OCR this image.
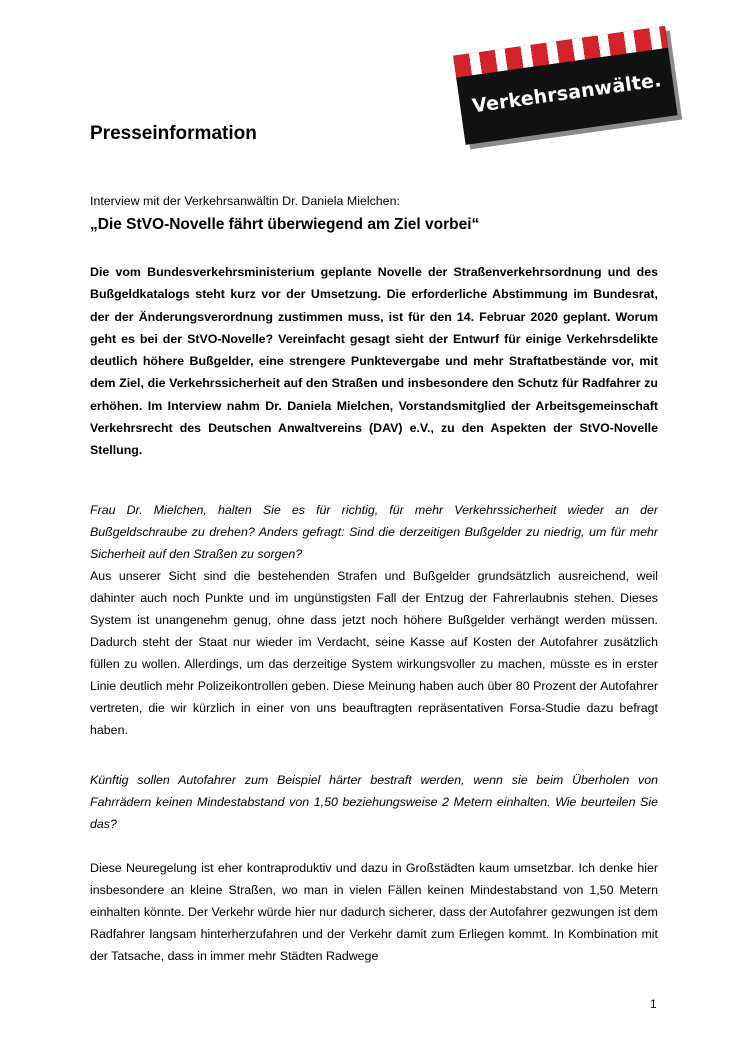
Verkehrsanwälte.
Presseinformation

Interview mit der Verkehrsanwältin Dr. Daniela Mielchen:

„Die StVO-Novelle fährt überwiegend am Ziel vorbei“

Die vom Bundesverkehrsministerium geplante Novelle der Straßenverkehrsordnung und des Bußgeldkatalogs steht kurz vor der Umsetzung. Die erforderliche Abstimmung im Bundesrat, der der Änderungsverordnung zustimmen muss, ist für den 14. Februar 2020 geplant. Worum geht es bei der StVO-Novelle? Vereinfacht gesagt sieht der Entwurf für einige Verkehrsdelikte deutlich höhere Bußgelder, eine strengere Punktevergabe und mehr Straftatbestände vor, mit dem Ziel, die Verkehrssicherheit auf den Straßen und insbesondere den Schutz für Radfahrer zu erhöhen. Im Interview nahm Dr. Daniela Mielchen, Vorstandsmitglied der Arbeitsgemeinschaft Verkehrsrecht des Deutschen Anwaltvereins (DAV) e.V., zu den Aspekten der StVO-Novelle Stellung.

Frau Dr. Mielchen, halten Sie es für richtig, für mehr Verkehrssicherheit wieder an der Bußgeldschraube zu drehen? Anders gefragt: Sind die derzeitigen Bußgelder zu niedrig, um für mehr Sicherheit auf den Straßen zu sorgen?

Aus unserer Sicht sind die bestehenden Strafen und Bußgelder grundsätzlich ausreichend, weil dahinter auch noch Punkte und im ungünstigsten Fall der Entzug der Fahrerlaubnis stehen. Dieses System ist unangenehm genug, ohne dass jetzt noch höhere Bußgelder verhängt werden müssen. Dadurch steht der Staat nur wieder im Verdacht, seine Kasse auf Kosten der Autofahrer zusätzlich füllen zu wollen. Allerdings, um das derzeitige System wirkungsvoller zu machen, müsste es in erster Linie deutlich mehr Polizeikontrollen geben. Diese Meinung haben auch über 80 Prozent der Autofahrer vertreten, die wir kürzlich in einer von uns beauftragten repräsentativen Forsa-Studie dazu befragt haben.

Künftig sollen Autofahrer zum Beispiel härter bestraft werden, wenn sie beim Überholen von Fahrrädern keinen Mindestabstand von 1,50 beziehungsweise 2 Metern einhalten. Wie beurteilen Sie das?

Diese Neuregelung ist eher kontraproduktiv und dazu in Großstädten kaum umsetzbar. Ich denke hier insbesondere an kleine Straßen, wo man in vielen Fällen keinen Mindestabstand von 1,50 Metern einhalten könnte. Der Verkehr würde hier nur dadurch sicherer, dass der Autofahrer gezwungen ist dem Radfahrer langsam hinterherzufahren und der Verkehr damit zum Erliegen kommt. In Kombination mit der Tatsache, dass in immer mehr Städten Radwege

1
